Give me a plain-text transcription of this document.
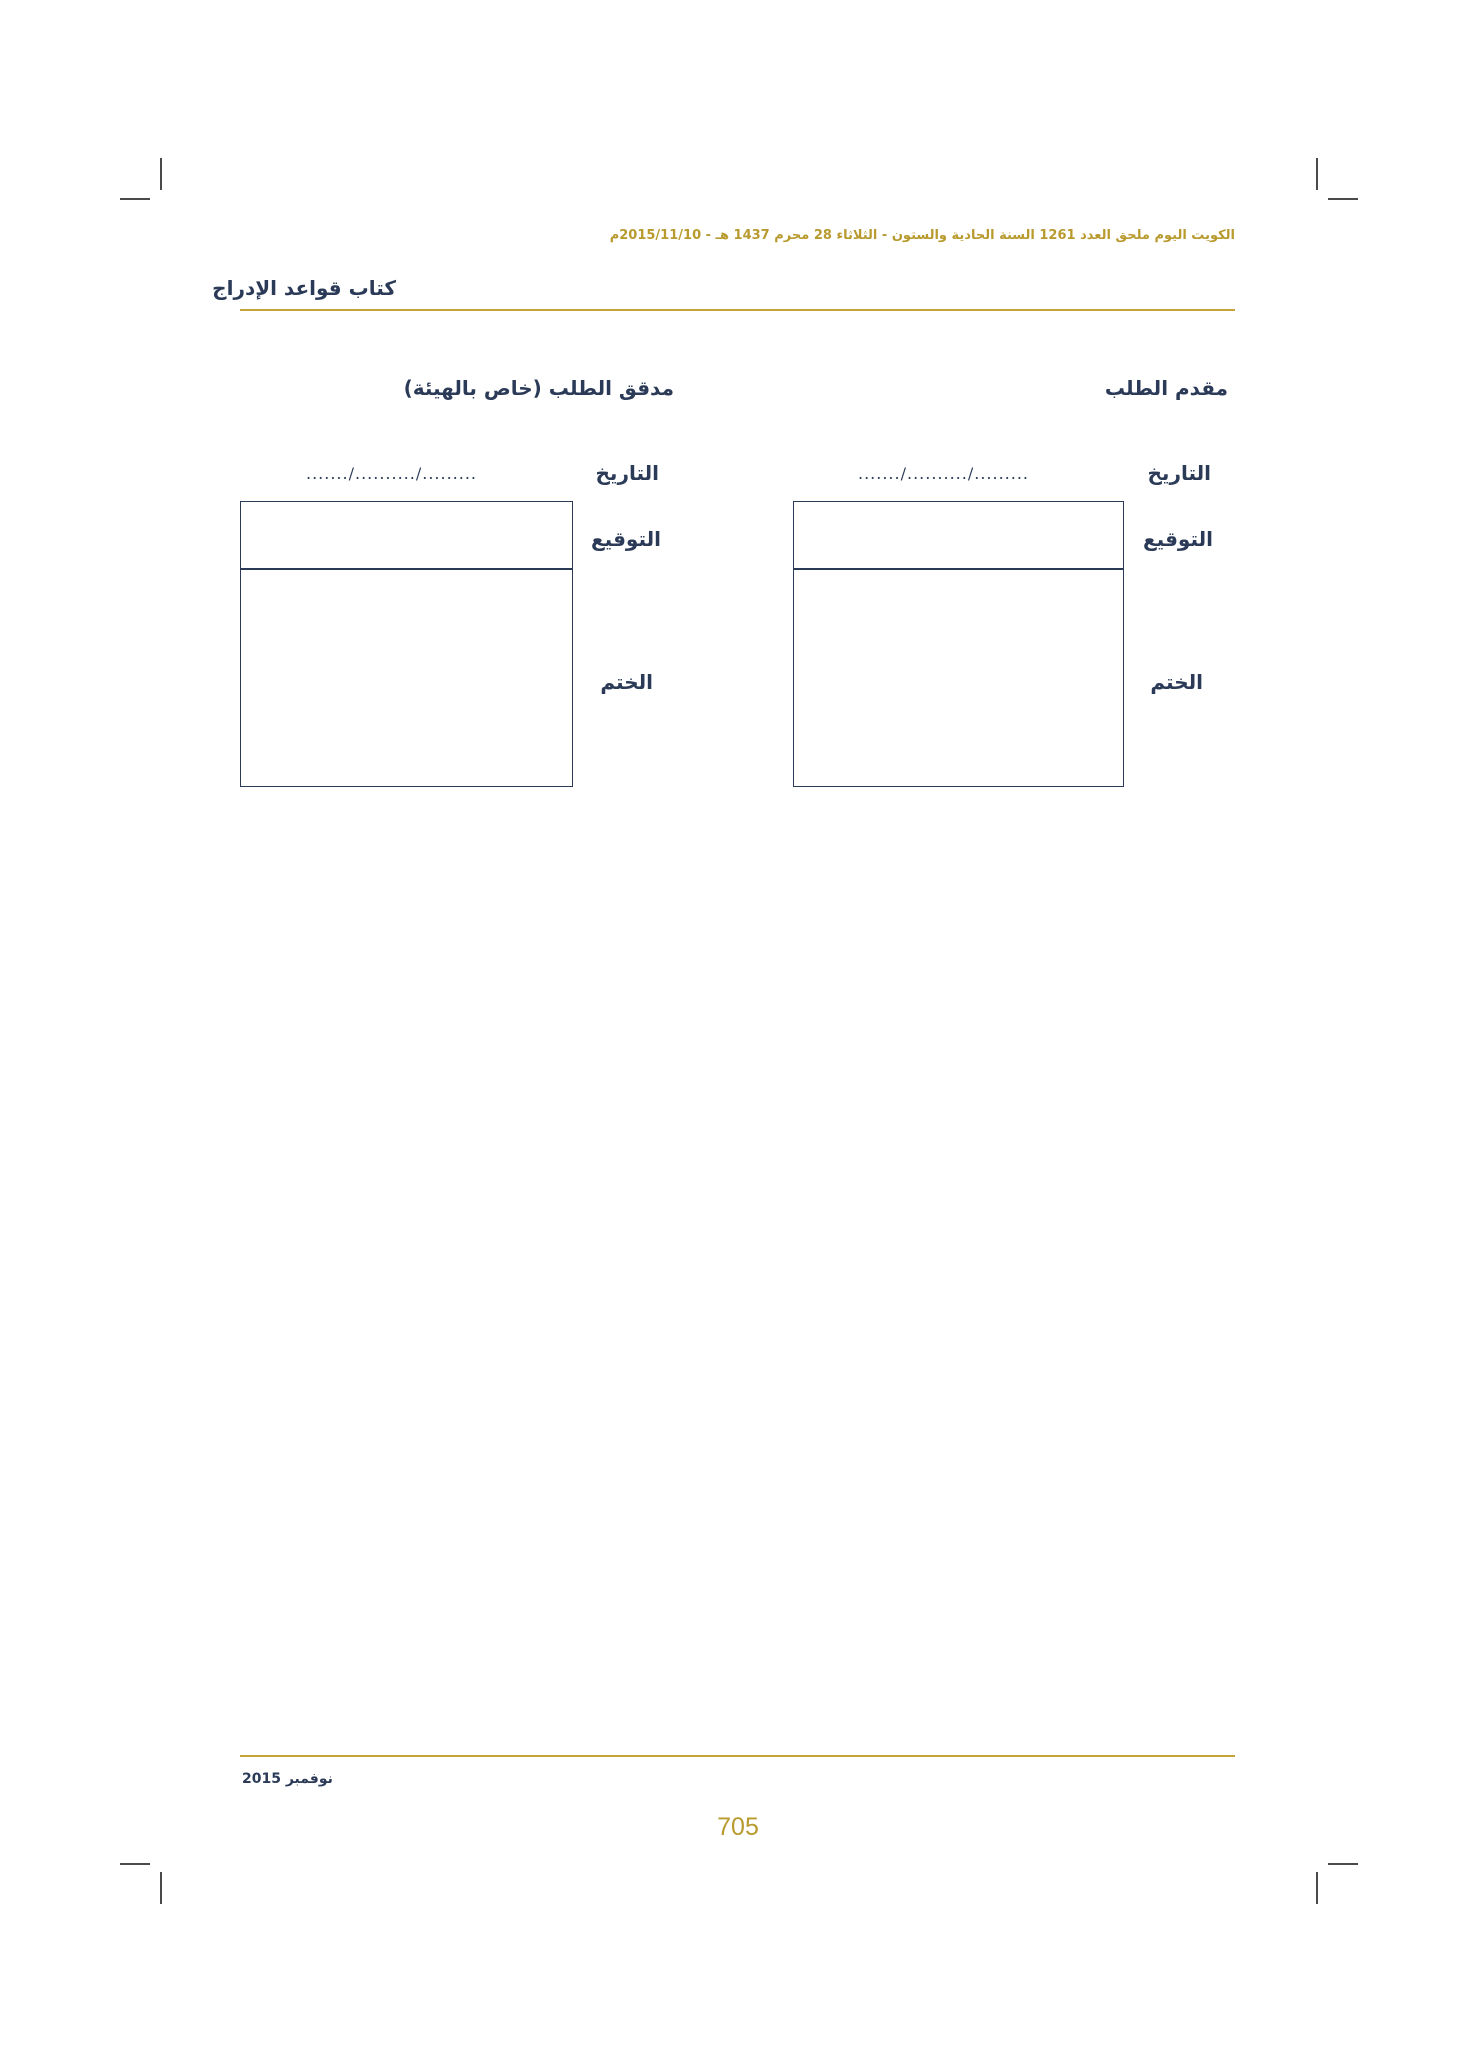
الكويت اليوم ملحق العدد 1261 السنة الحادية والستون - الثلاثاء 28 محرم 1437 هـ - 2015/11/10م
كتاب قواعد الإدراج
مقدم الطلب
التاريخ
......./........../.........
التوقيع
الختم
مدقق الطلب (خاص بالهيئة)
التاريخ
......./........../.........
التوقيع
الختم
نوفمبر 2015
705
